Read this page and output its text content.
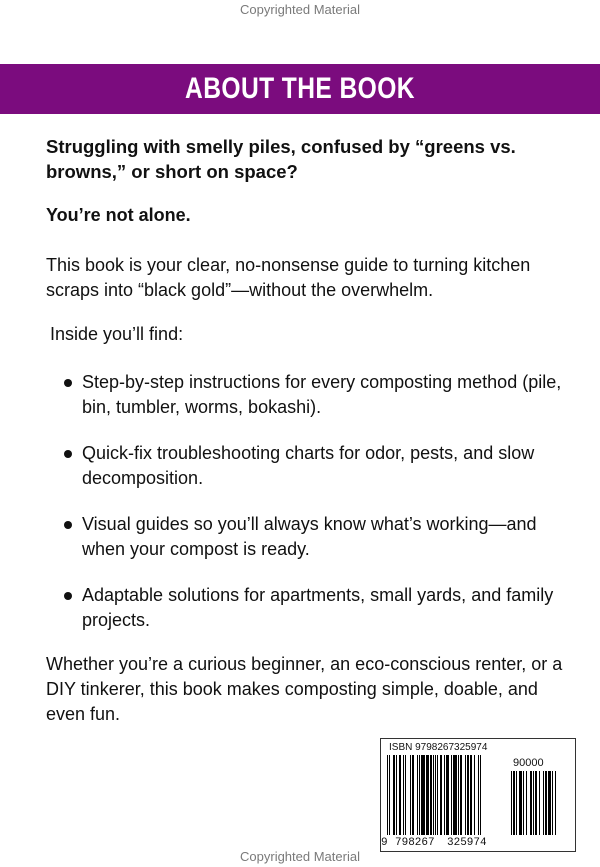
Copyrighted Material
ABOUT THE BOOK
Struggling with smelly piles, confused by “greens vs. browns,” or short on space?
You’re not alone.
This book is your clear, no-nonsense guide to turning kitchen scraps into “black gold”—without the overwhelm.
Inside you’ll find:
Step-by-step instructions for every composting method (pile, bin, tumbler, worms, bokashi).
Quick-fix troubleshooting charts for odor, pests, and slow decomposition.
Visual guides so you’ll always know what’s working—and when your compost is ready.
Adaptable solutions for apartments, small yards, and family projects.
Whether you’re a curious beginner, an eco-conscious renter, or a DIY tinkerer, this book makes composting simple, doable, and even fun.
ISBN 9798267325974
90000
9 798267 325974
Copyrighted Material
